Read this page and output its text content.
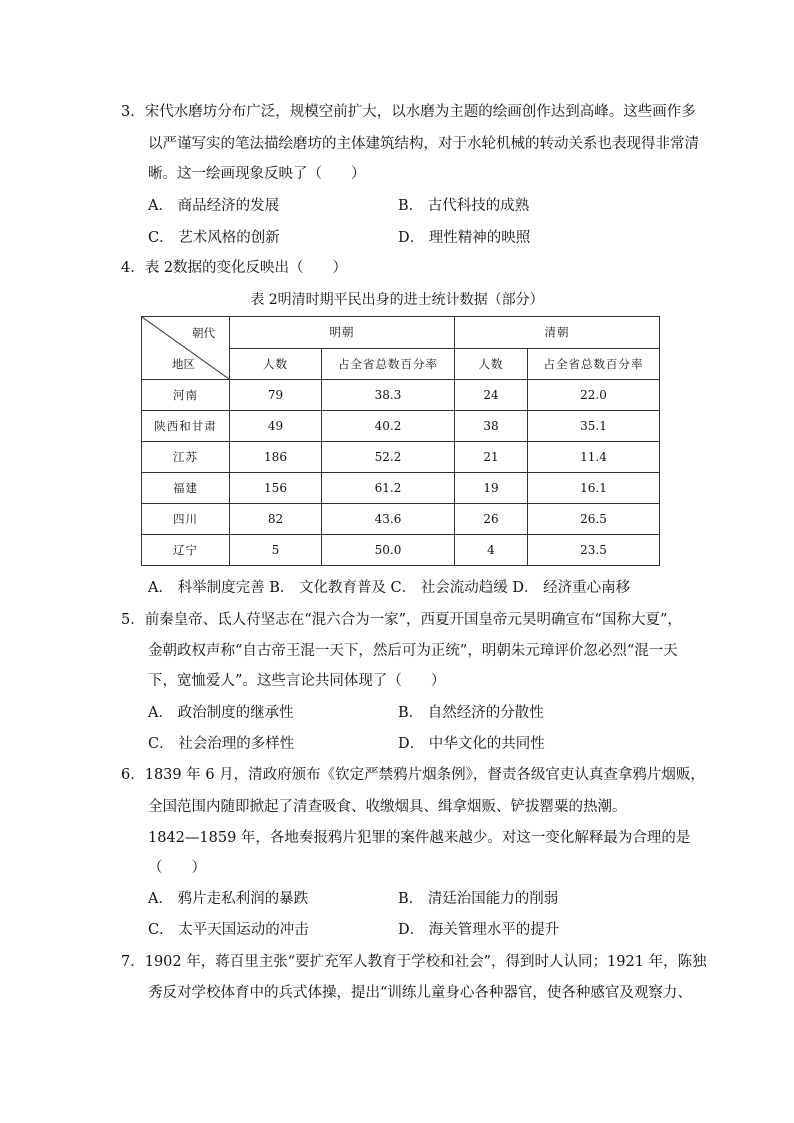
3．宋代水磨坊分布广泛，规模空前扩大，以水磨为主题的绘画创作达到高峰。这些画作多
以严谨写实的笔法描绘磨坊的主体建筑结构，对于水轮机械的转动关系也表现得非常清
晰。这一绘画现象反映了（　　）
A． 商品经济的发展	B． 古代科技的成熟
C． 艺术风格的创新	D． 理性精神的映照
4．表 2数据的变化反映出（　　）
表 2明清时期平民出身的进士统计数据（部分）
朝代
地区	明朝		清朝	
	人数	占全省总数百分率	人数	占全省总数百分率
河南	79	38.3	24	22.0
陕西和甘肃	49	40.2	38	35.1
江苏	186	52.2	21	11.4
福建	156	61.2	19	16.1
四川	82	43.6	26	26.5
辽宁	5	50.0	4	23.5
A． 科举制度完善 B． 文化教育普及 C． 社会流动趋缓 D． 经济重心南移
5．前秦皇帝、氐人苻坚志在“混六合为一家”，西夏开国皇帝元昊明确宣布“国称大夏”，
金朝政权声称“自古帝王混一天下，然后可为正统”，明朝朱元璋评价忽必烈“混一天
下，宽恤爱人”。这些言论共同体现了（　　）
A． 政治制度的继承性	B． 自然经济的分散性
C． 社会治理的多样性	D． 中华文化的共同性
6．1839 年 6 月，清政府颁布《钦定严禁鸦片烟条例》，督责各级官吏认真查拿鸦片烟贩，
全国范围内随即掀起了清查吸食、收缴烟具、缉拿烟贩、铲拔罂粟的热潮。
1842—1859 年，各地奏报鸦片犯罪的案件越来越少。对这一变化解释最为合理的是
（　　）
A． 鸦片走私利润的暴跌	B． 清廷治国能力的削弱
C． 太平天国运动的冲击	D． 海关管理水平的提升
7．1902 年，蒋百里主张“要扩充军人教育于学校和社会”，得到时人认同；1921 年，陈独
秀反对学校体育中的兵式体操，提出“训练儿童身心各种器官，使各种感官及观察力、
